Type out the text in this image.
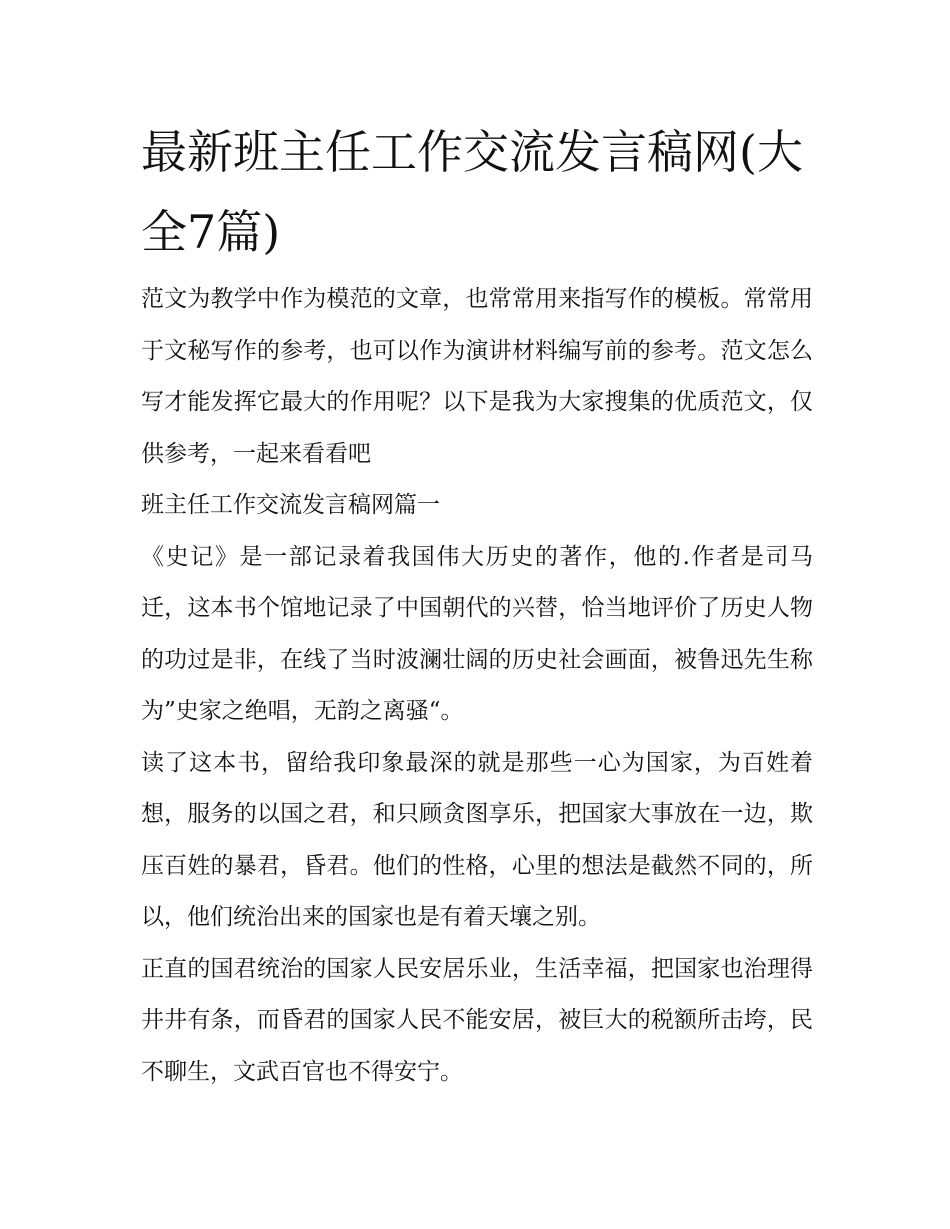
最新班主任工作交流发言稿网(大全7篇)

范文为教学中作为模范的文章，也常常用来指写作的模板。常常用于文秘写作的参考，也可以作为演讲材料编写前的参考。范文怎么写才能发挥它最大的作用呢？以下是我为大家搜集的优质范文，仅供参考，一起来看看吧

班主任工作交流发言稿网篇一

《史记》是一部记录着我国伟大历史的著作，他的.作者是司马迁，这本书个馆地记录了中国朝代的兴替，恰当地评价了历史人物的功过是非，在线了当时波澜壮阔的历史社会画面，被鲁迅先生称为”史家之绝唱，无韵之离骚“。

读了这本书，留给我印象最深的就是那些一心为国家，为百姓着想，服务的以国之君，和只顾贪图享乐，把国家大事放在一边，欺压百姓的暴君，昏君。他们的性格，心里的想法是截然不同的，所以，他们统治出来的国家也是有着天壤之别。

正直的国君统治的国家人民安居乐业，生活幸福，把国家也治理得井井有条，而昏君的国家人民不能安居，被巨大的税额所击垮，民不聊生，文武百官也不得安宁。
